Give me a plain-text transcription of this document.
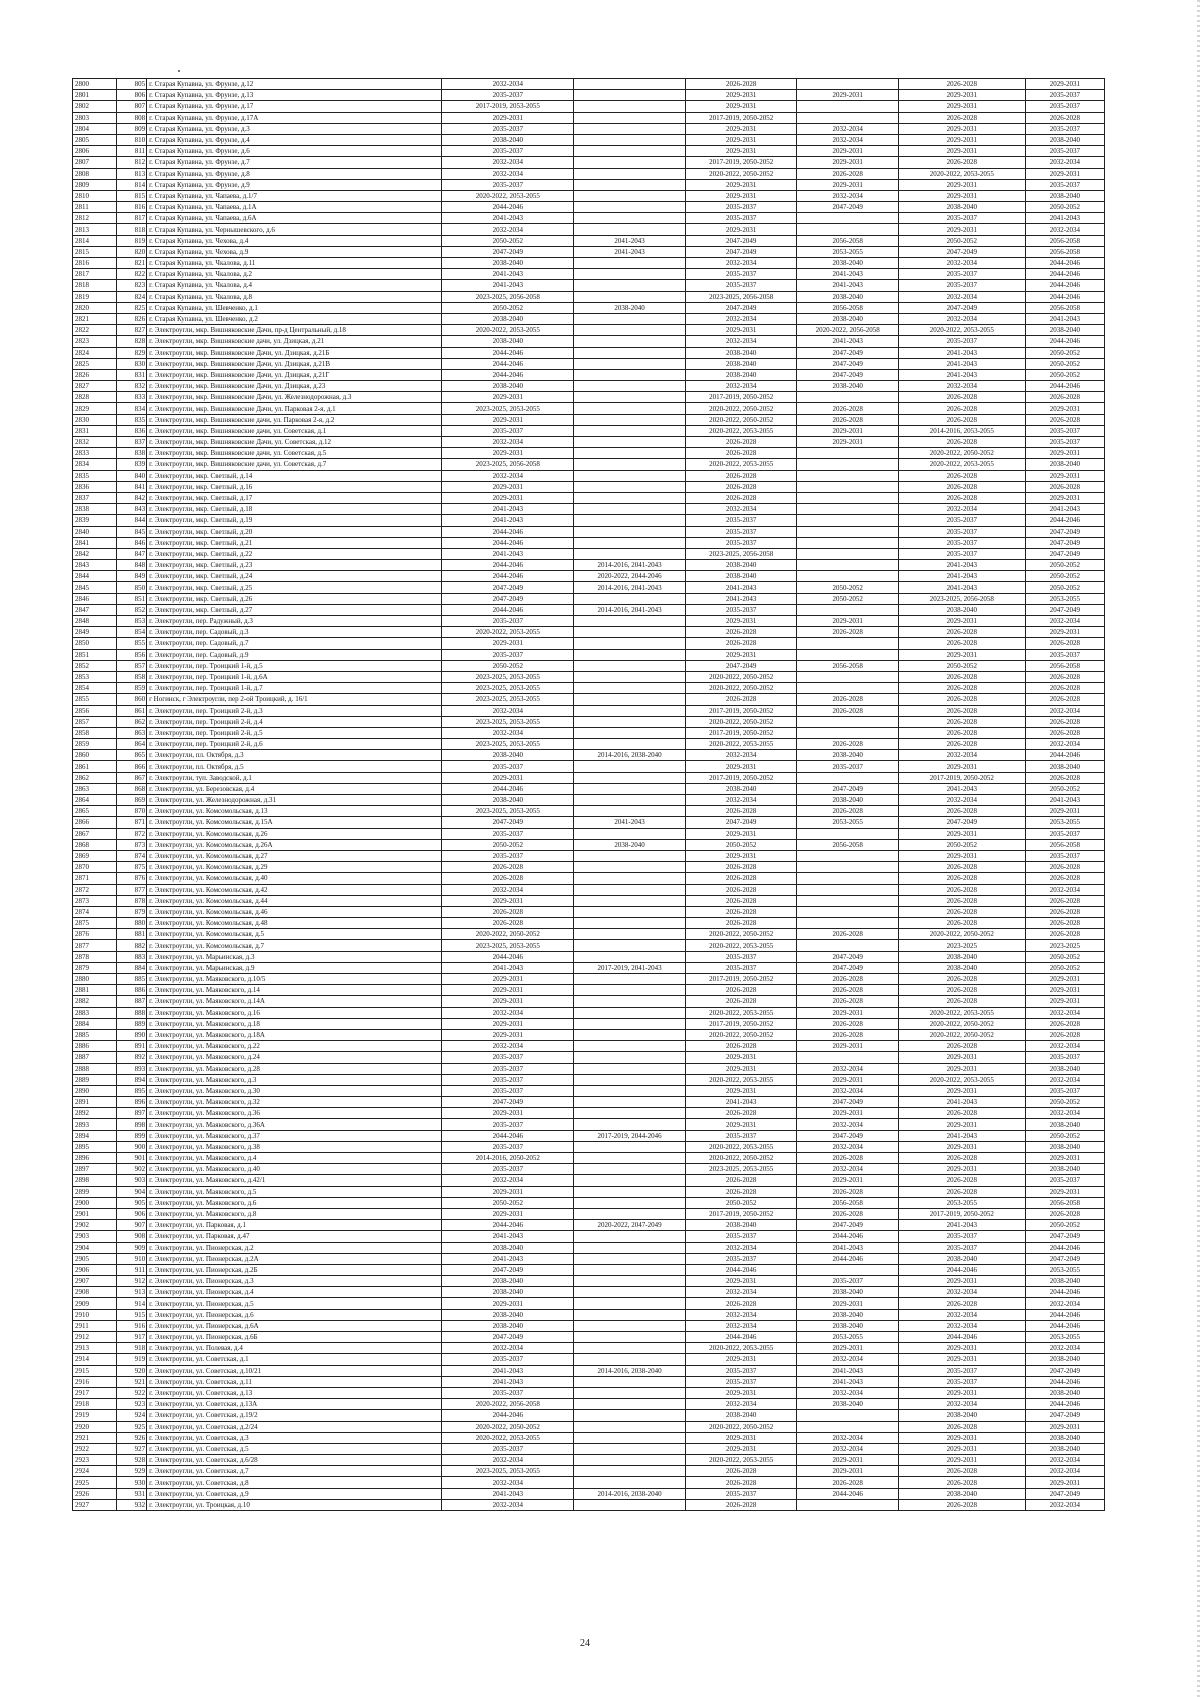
2800	805	г. Старая Купавна, ул. Фрунзе, д.12	2032-2034		2026-2028		2026-2028	2029-2031
2801	806	г. Старая Купавна, ул. Фрунзе, д.13	2035-2037		2029-2031	2029-2031	2029-2031	2035-2037
2802	807	г. Старая Купавна, ул. Фрунзе, д.17	2017-2019, 2053-2055		2029-2031		2029-2031	2035-2037
2803	808	г. Старая Купавна, ул. Фрунзе, д.17А	2029-2031		2017-2019, 2050-2052		2026-2028	2026-2028
2804	809	г. Старая Купавна, ул. Фрунзе, д.3	2035-2037		2029-2031	2032-2034	2029-2031	2035-2037
2805	810	г. Старая Купавна, ул. Фрунзе, д.4	2038-2040		2029-2031	2032-2034	2029-2031	2038-2040
2806	811	г. Старая Купавна, ул. Фрунзе, д.6	2035-2037		2029-2031	2029-2031	2029-2031	2035-2037
2807	812	г. Старая Купавна, ул. Фрунзе, д.7	2032-2034		2017-2019, 2050-2052	2029-2031	2026-2028	2032-2034
2808	813	г. Старая Купавна, ул. Фрунзе, д.8	2032-2034		2020-2022, 2050-2052	2026-2028	2020-2022, 2053-2055	2029-2031
2809	814	г. Старая Купавна, ул. Фрунзе, д.9	2035-2037		2029-2031	2029-2031	2029-2031	2035-2037
2810	815	г. Старая Купавна, ул. Чапаева, д.1/7	2020-2022, 2053-2055		2029-2031	2032-2034	2029-2031	2038-2040
2811	816	г. Старая Купавна, ул. Чапаева, д.1А	2044-2046		2035-2037	2047-2049	2038-2040	2050-2052
2812	817	г. Старая Купавна, ул. Чапаева, д.6А	2041-2043		2035-2037		2035-2037	2041-2043
2813	818	г. Старая Купавна, ул. Чернышевского, д.6	2032-2034		2029-2031		2029-2031	2032-2034
2814	819	г. Старая Купавна, ул. Чехова, д.4	2050-2052	2041-2043	2047-2049	2056-2058	2050-2052	2056-2058
2815	820	г. Старая Купавна, ул. Чехова, д.9	2047-2049	2041-2043	2047-2049	2053-2055	2047-2049	2056-2058
2816	821	г. Старая Купавна, ул. Чкалова, д.11	2038-2040		2032-2034	2038-2040	2032-2034	2044-2046
2817	822	г. Старая Купавна, ул. Чкалова, д.2	2041-2043		2035-2037	2041-2043	2035-2037	2044-2046
2818	823	г. Старая Купавна, ул. Чкалова, д.4	2041-2043		2035-2037	2041-2043	2035-2037	2044-2046
2819	824	г. Старая Купавна, ул. Чкалова, д.8	2023-2025, 2056-2058		2023-2025, 2056-2058	2038-2040	2032-2034	2044-2046
2820	825	г. Старая Купавна, ул. Шевченко, д.1	2050-2052	2038-2040	2047-2049	2056-2058	2047-2049	2056-2058
2821	826	г. Старая Купавна, ул. Шевченко, д.2	2038-2040		2032-2034	2038-2040	2032-2034	2041-2043
2822	827	г. Электроугли, мкр. Вишняковские Дачи, пр-д Центральный, д.18	2020-2022, 2053-2055		2029-2031	2020-2022, 2056-2058	2020-2022, 2053-2055	2038-2040
2823	828	г. Электроугли, мкр. Вишняковские дачи, ул. Дзицкая, д.21	2038-2040		2032-2034	2041-2043	2035-2037	2044-2046
2824	829	г. Электроугли, мкр. Вишняковские Дачи, ул. Дзицкая, д.21Б	2044-2046		2038-2040	2047-2049	2041-2043	2050-2052
2825	830	г. Электроугли, мкр. Вишняковские Дачи, ул. Дзицкая, д.21В	2044-2046		2038-2040	2047-2049	2041-2043	2050-2052
2826	831	г. Электроугли, мкр. Вишняковские Дачи, ул. Дзицкая, д.21Г	2044-2046		2038-2040	2047-2049	2041-2043	2050-2052
2827	832	г. Электроугли, мкр. Вишняковские Дачи, ул. Дзицкая, д.23	2038-2040		2032-2034	2038-2040	2032-2034	2044-2046
2828	833	г. Электроугли, мкр. Вишняковские Дачи, ул. Железнодорожная, д.3	2029-2031		2017-2019, 2050-2052		2026-2028	2026-2028
2829	834	г. Электроугли, мкр. Вишняковские Дачи, ул. Парковая 2-я, д.1	2023-2025, 2053-2055		2020-2022, 2050-2052	2026-2028	2026-2028	2029-2031
2830	835	г. Электроугли, мкр. Вишняковские дачи, ул. Парковая 2-я, д.2	2029-2031		2020-2022, 2050-2052	2026-2028	2026-2028	2026-2028
2831	836	г. Электроугли, мкр. Вишняковские дачи, ул. Советская, д.1	2035-2037		2020-2022, 2053-2055	2029-2031	2014-2016, 2053-2055	2035-2037
2832	837	г. Электроугли, мкр. Вишняковские Дачи, ул. Советская, д.12	2032-2034		2026-2028	2029-2031	2026-2028	2035-2037
2833	838	г. Электроугли, мкр. Вишняковские дачи, ул. Советская, д.5	2029-2031		2026-2028		2020-2022, 2050-2052	2029-2031
2834	839	г. Электроугли, мкр. Вишняковские дачи, ул. Советская, д.7	2023-2025, 2056-2058		2020-2022, 2053-2055		2020-2022, 2053-2055	2038-2040
2835	840	г. Электроугли, мкр. Светлый, д.14	2032-2034		2026-2028		2026-2028	2029-2031
2836	841	г. Электроугли, мкр. Светлый, д.16	2029-2031		2026-2028		2026-2028	2026-2028
2837	842	г. Электроугли, мкр. Светлый, д.17	2029-2031		2026-2028		2026-2028	2029-2031
2838	843	г. Электроугли, мкр. Светлый, д.18	2041-2043		2032-2034		2032-2034	2041-2043
2839	844	г. Электроугли, мкр. Светлый, д.19	2041-2043		2035-2037		2035-2037	2044-2046
2840	845	г. Электроугли, мкр. Светлый, д.20	2044-2046		2035-2037		2035-2037	2047-2049
2841	846	г. Электроугли, мкр. Светлый, д.21	2044-2046		2035-2037		2035-2037	2047-2049
2842	847	г. Электроугли, мкр. Светлый, д.22	2041-2043		2023-2025, 2056-2058		2035-2037	2047-2049
2843	848	г. Электроугли, мкр. Светлый, д.23	2044-2046	2014-2016, 2041-2043	2038-2040		2041-2043	2050-2052
2844	849	г. Электроугли, мкр. Светлый, д.24	2044-2046	2020-2022, 2044-2046	2038-2040		2041-2043	2050-2052
2845	850	г. Электроугли, мкр. Светлый, д.25	2047-2049	2014-2016, 2041-2043	2041-2043	2050-2052	2041-2043	2050-2052
2846	851	г. Электроугли, мкр. Светлый, д.26	2047-2049		2041-2043	2050-2052	2023-2025, 2056-2058	2053-2055
2847	852	г. Электроугли, мкр. Светлый, д.27	2044-2046	2014-2016, 2041-2043	2035-2037		2038-2040	2047-2049
2848	853	г. Электроугли, пер. Радужный, д.3	2035-2037		2029-2031	2029-2031	2029-2031	2032-2034
2849	854	г. Электроугли, пер. Садовый, д.3	2020-2022, 2053-2055		2026-2028	2026-2028	2026-2028	2029-2031
2850	855	г. Электроугли, пер. Садовый, д.7	2029-2031		2026-2028		2026-2028	2026-2028
2851	856	г. Электроугли, пер. Садовый, д.9	2035-2037		2029-2031		2029-2031	2035-2037
2852	857	г. Электроугли, пер. Троицкий 1-й, д.5	2050-2052		2047-2049	2056-2058	2050-2052	2056-2058
2853	858	г. Электроугли, пер. Троицкий 1-й, д.6А	2023-2025, 2053-2055		2020-2022, 2050-2052		2026-2028	2026-2028
2854	859	г. Электроугли, пер. Троицкий 1-й, д.7	2023-2025, 2053-2055		2020-2022, 2050-2052		2026-2028	2026-2028
2855	860	г Ногинск, г Электроугли, пер 2-ой Троицкий, д. 16/1	2023-2025, 2053-2055		2026-2028	2026-2028	2026-2028	2026-2028
2856	861	г. Электроугли, пер. Троицкий 2-й, д.3	2032-2034		2017-2019, 2050-2052	2026-2028	2026-2028	2032-2034
2857	862	г. Электроугли, пер. Троицкий 2-й, д.4	2023-2025, 2053-2055		2020-2022, 2050-2052		2026-2028	2026-2028
2858	863	г. Электроугли, пер. Троицкий 2-й, д.5	2032-2034		2017-2019, 2050-2052		2026-2028	2026-2028
2859	864	г. Электроугли, пер. Троицкий 2-й, д.6	2023-2025, 2053-2055		2020-2022, 2053-2055	2026-2028	2026-2028	2032-2034
2860	865	г. Электроугли, пл. Октября, д.3	2038-2040	2014-2016, 2038-2040	2032-2034	2038-2040	2032-2034	2044-2046
2861	866	г. Электроугли, пл. Октября, д.5	2035-2037		2029-2031	2035-2037	2029-2031	2038-2040
2862	867	г. Электроугли, туп. Заводской, д.1	2029-2031		2017-2019, 2050-2052		2017-2019, 2050-2052	2026-2028
2863	868	г. Электроугли, ул. Березовская, д.4	2044-2046		2038-2040	2047-2049	2041-2043	2050-2052
2864	869	г. Электроугли, ул. Железнодорожная, д.31	2038-2040		2032-2034	2038-2040	2032-2034	2041-2043
2865	870	г. Электроугли, ул. Комсомольская, д.13	2023-2025, 2053-2055		2026-2028	2026-2028	2026-2028	2029-2031
2866	871	г. Электроугли, ул. Комсомольская, д.15А	2047-2049	2041-2043	2047-2049	2053-2055	2047-2049	2053-2055
2867	872	г. Электроугли, ул. Комсомольская, д.26	2035-2037		2029-2031		2029-2031	2035-2037
2868	873	г. Электроугли, ул. Комсомольская, д.26А	2050-2052	2038-2040	2050-2052	2056-2058	2050-2052	2056-2058
2869	874	г. Электроугли, ул. Комсомольская, д.27	2035-2037		2029-2031		2029-2031	2035-2037
2870	875	г. Электроугли, ул. Комсомольская, д.29	2026-2028		2026-2028		2026-2028	2026-2028
2871	876	г. Электроугли, ул. Комсомольская, д.40	2026-2028		2026-2028		2026-2028	2026-2028
2872	877	г. Электроугли, ул. Комсомольская, д.42	2032-2034		2026-2028		2026-2028	2032-2034
2873	878	г. Электроугли, ул. Комсомольская, д.44	2029-2031		2026-2028		2026-2028	2026-2028
2874	879	г. Электроугли, ул. Комсомольская, д.46	2026-2028		2026-2028		2026-2028	2026-2028
2875	880	г. Электроугли, ул. Комсомольская, д.48	2026-2028		2026-2028		2026-2028	2026-2028
2876	881	г. Электроугли, ул. Комсомольская, д.5	2020-2022, 2050-2052		2020-2022, 2050-2052	2026-2028	2020-2022, 2050-2052	2026-2028
2877	882	г. Электроугли, ул. Комсомольская, д.7	2023-2025, 2053-2055		2020-2022, 2053-2055		2023-2025	2023-2025
2878	883	г. Электроугли, ул. Марьинская, д.3	2044-2046		2035-2037	2047-2049	2038-2040	2050-2052
2879	884	г. Электроугли, ул. Марьинская, д.9	2041-2043	2017-2019, 2041-2043	2035-2037	2047-2049	2038-2040	2050-2052
2880	885	г. Электроугли, ул. Маяковского, д.10/5	2029-2031		2017-2019, 2050-2052	2026-2028	2026-2028	2029-2031
2881	886	г. Электроугли, ул. Маяковского, д.14	2029-2031		2026-2028	2026-2028	2026-2028	2029-2031
2882	887	г. Электроугли, ул. Маяковского, д.14А	2029-2031		2026-2028	2026-2028	2026-2028	2029-2031
2883	888	г. Электроугли, ул. Маяковского, д.16	2032-2034		2020-2022, 2053-2055	2029-2031	2020-2022, 2053-2055	2032-2034
2884	889	г. Электроугли, ул. Маяковского, д.18	2029-2031		2017-2019, 2050-2052	2026-2028	2020-2022, 2050-2052	2026-2028
2885	890	г. Электроугли, ул. Маяковского, д.18А	2029-2031		2020-2022, 2050-2052	2026-2028	2020-2022, 2050-2052	2026-2028
2886	891	г. Электроугли, ул. Маяковского, д.22	2032-2034		2026-2028	2029-2031	2026-2028	2032-2034
2887	892	г. Электроугли, ул. Маяковского, д.24	2035-2037		2029-2031		2029-2031	2035-2037
2888	893	г. Электроугли, ул. Маяковского, д.28	2035-2037		2029-2031	2032-2034	2029-2031	2038-2040
2889	894	г. Электроугли, ул. Маяковского, д.3	2035-2037		2020-2022, 2053-2055	2029-2031	2020-2022, 2053-2055	2032-2034
2890	895	г. Электроугли, ул. Маяковского, д.30	2035-2037		2029-2031	2032-2034	2029-2031	2035-2037
2891	896	г. Электроугли, ул. Маяковского, д.32	2047-2049		2041-2043	2047-2049	2041-2043	2050-2052
2892	897	г. Электроугли, ул. Маяковского, д.36	2029-2031		2026-2028	2029-2031	2026-2028	2032-2034
2893	898	г. Электроугли, ул. Маяковского, д.36А	2035-2037		2029-2031	2032-2034	2029-2031	2038-2040
2894	899	г. Электроугли, ул. Маяковского, д.37	2044-2046	2017-2019, 2044-2046	2035-2037	2047-2049	2041-2043	2050-2052
2895	900	г. Электроугли, ул. Маяковского, д.38	2035-2037		2020-2022, 2053-2055	2032-2034	2029-2031	2038-2040
2896	901	г. Электроугли, ул. Маяковского, д.4	2014-2016, 2050-2052		2020-2022, 2050-2052	2026-2028	2026-2028	2029-2031
2897	902	г. Электроугли, ул. Маяковского, д.40	2035-2037		2023-2025, 2053-2055	2032-2034	2029-2031	2038-2040
2898	903	г. Электроугли, ул. Маяковского, д.42/1	2032-2034		2026-2028	2029-2031	2026-2028	2035-2037
2899	904	г. Электроугли, ул. Маяковского, д.5	2029-2031		2026-2028	2026-2028	2026-2028	2029-2031
2900	905	г. Электроугли, ул. Маяковского, д.6	2050-2052		2050-2052	2056-2058	2053-2055	2056-2058
2901	906	г. Электроугли, ул. Маяковского, д.8	2029-2031		2017-2019, 2050-2052	2026-2028	2017-2019, 2050-2052	2026-2028
2902	907	г. Электроугли, ул. Парковая, д.1	2044-2046	2020-2022, 2047-2049	2038-2040	2047-2049	2041-2043	2050-2052
2903	908	г. Электроугли, ул. Парковая, д.47	2041-2043		2035-2037	2044-2046	2035-2037	2047-2049
2904	909	г. Электроугли, ул. Пионерская, д.2	2038-2040		2032-2034	2041-2043	2035-2037	2044-2046
2905	910	г. Электроугли, ул. Пионерская, д.2А	2041-2043		2035-2037	2044-2046	2038-2040	2047-2049
2906	911	г. Электроугли, ул. Пионерская, д.2Б	2047-2049		2044-2046		2044-2046	2053-2055
2907	912	г. Электроугли, ул. Пионерская, д.3	2038-2040		2029-2031	2035-2037	2029-2031	2038-2040
2908	913	г. Электроугли, ул. Пионерская, д.4	2038-2040		2032-2034	2038-2040	2032-2034	2044-2046
2909	914	г. Электроугли, ул. Пионерская, д.5	2029-2031		2026-2028	2029-2031	2026-2028	2032-2034
2910	915	г. Электроугли, ул. Пионерская, д.6	2038-2040		2032-2034	2038-2040	2032-2034	2044-2046
2911	916	г. Электроугли, ул. Пионерская, д.6А	2038-2040		2032-2034	2038-2040	2032-2034	2044-2046
2912	917	г. Электроугли, ул. Пионерская, д.6Б	2047-2049		2044-2046	2053-2055	2044-2046	2053-2055
2913	918	г. Электроугли, ул. Полевая, д.4	2032-2034		2020-2022, 2053-2055	2029-2031	2029-2031	2032-2034
2914	919	г. Электроугли, ул. Советская, д.1	2035-2037		2029-2031	2032-2034	2029-2031	2038-2040
2915	920	г. Электроугли, ул. Советская, д.10/21	2041-2043	2014-2016, 2038-2040	2035-2037	2041-2043	2035-2037	2047-2049
2916	921	г. Электроугли, ул. Советская, д.11	2041-2043		2035-2037	2041-2043	2035-2037	2044-2046
2917	922	г. Электроугли, ул. Советская, д.13	2035-2037		2029-2031	2032-2034	2029-2031	2038-2040
2918	923	г. Электроугли, ул. Советская, д.13А	2020-2022, 2056-2058		2032-2034	2038-2040	2032-2034	2044-2046
2919	924	г. Электроугли, ул. Советская, д.19/2	2044-2046		2038-2040		2038-2040	2047-2049
2920	925	г. Электроугли, ул. Советская, д.2/24	2020-2022, 2050-2052		2020-2022, 2050-2052		2026-2028	2029-2031
2921	926	г. Электроугли, ул. Советская, д.3	2020-2022, 2053-2055		2029-2031	2032-2034	2029-2031	2038-2040
2922	927	г. Электроугли, ул. Советская, д.5	2035-2037		2029-2031	2032-2034	2029-2031	2038-2040
2923	928	г. Электроугли, ул. Советская, д.6/28	2032-2034		2020-2022, 2053-2055	2029-2031	2029-2031	2032-2034
2924	929	г. Электроугли, ул. Советская, д.7	2023-2025, 2053-2055		2026-2028	2029-2031	2026-2028	2032-2034
2925	930	г. Электроугли, ул. Советская, д.8	2032-2034		2026-2028	2026-2028	2026-2028	2029-2031
2926	931	г. Электроугли, ул. Советская, д.9	2041-2043	2014-2016, 2038-2040	2035-2037	2044-2046	2038-2040	2047-2049
2927	932	г. Электроугли, ул. Троицкая, д.10	2032-2034		2026-2028		2026-2028	2032-2034
24
